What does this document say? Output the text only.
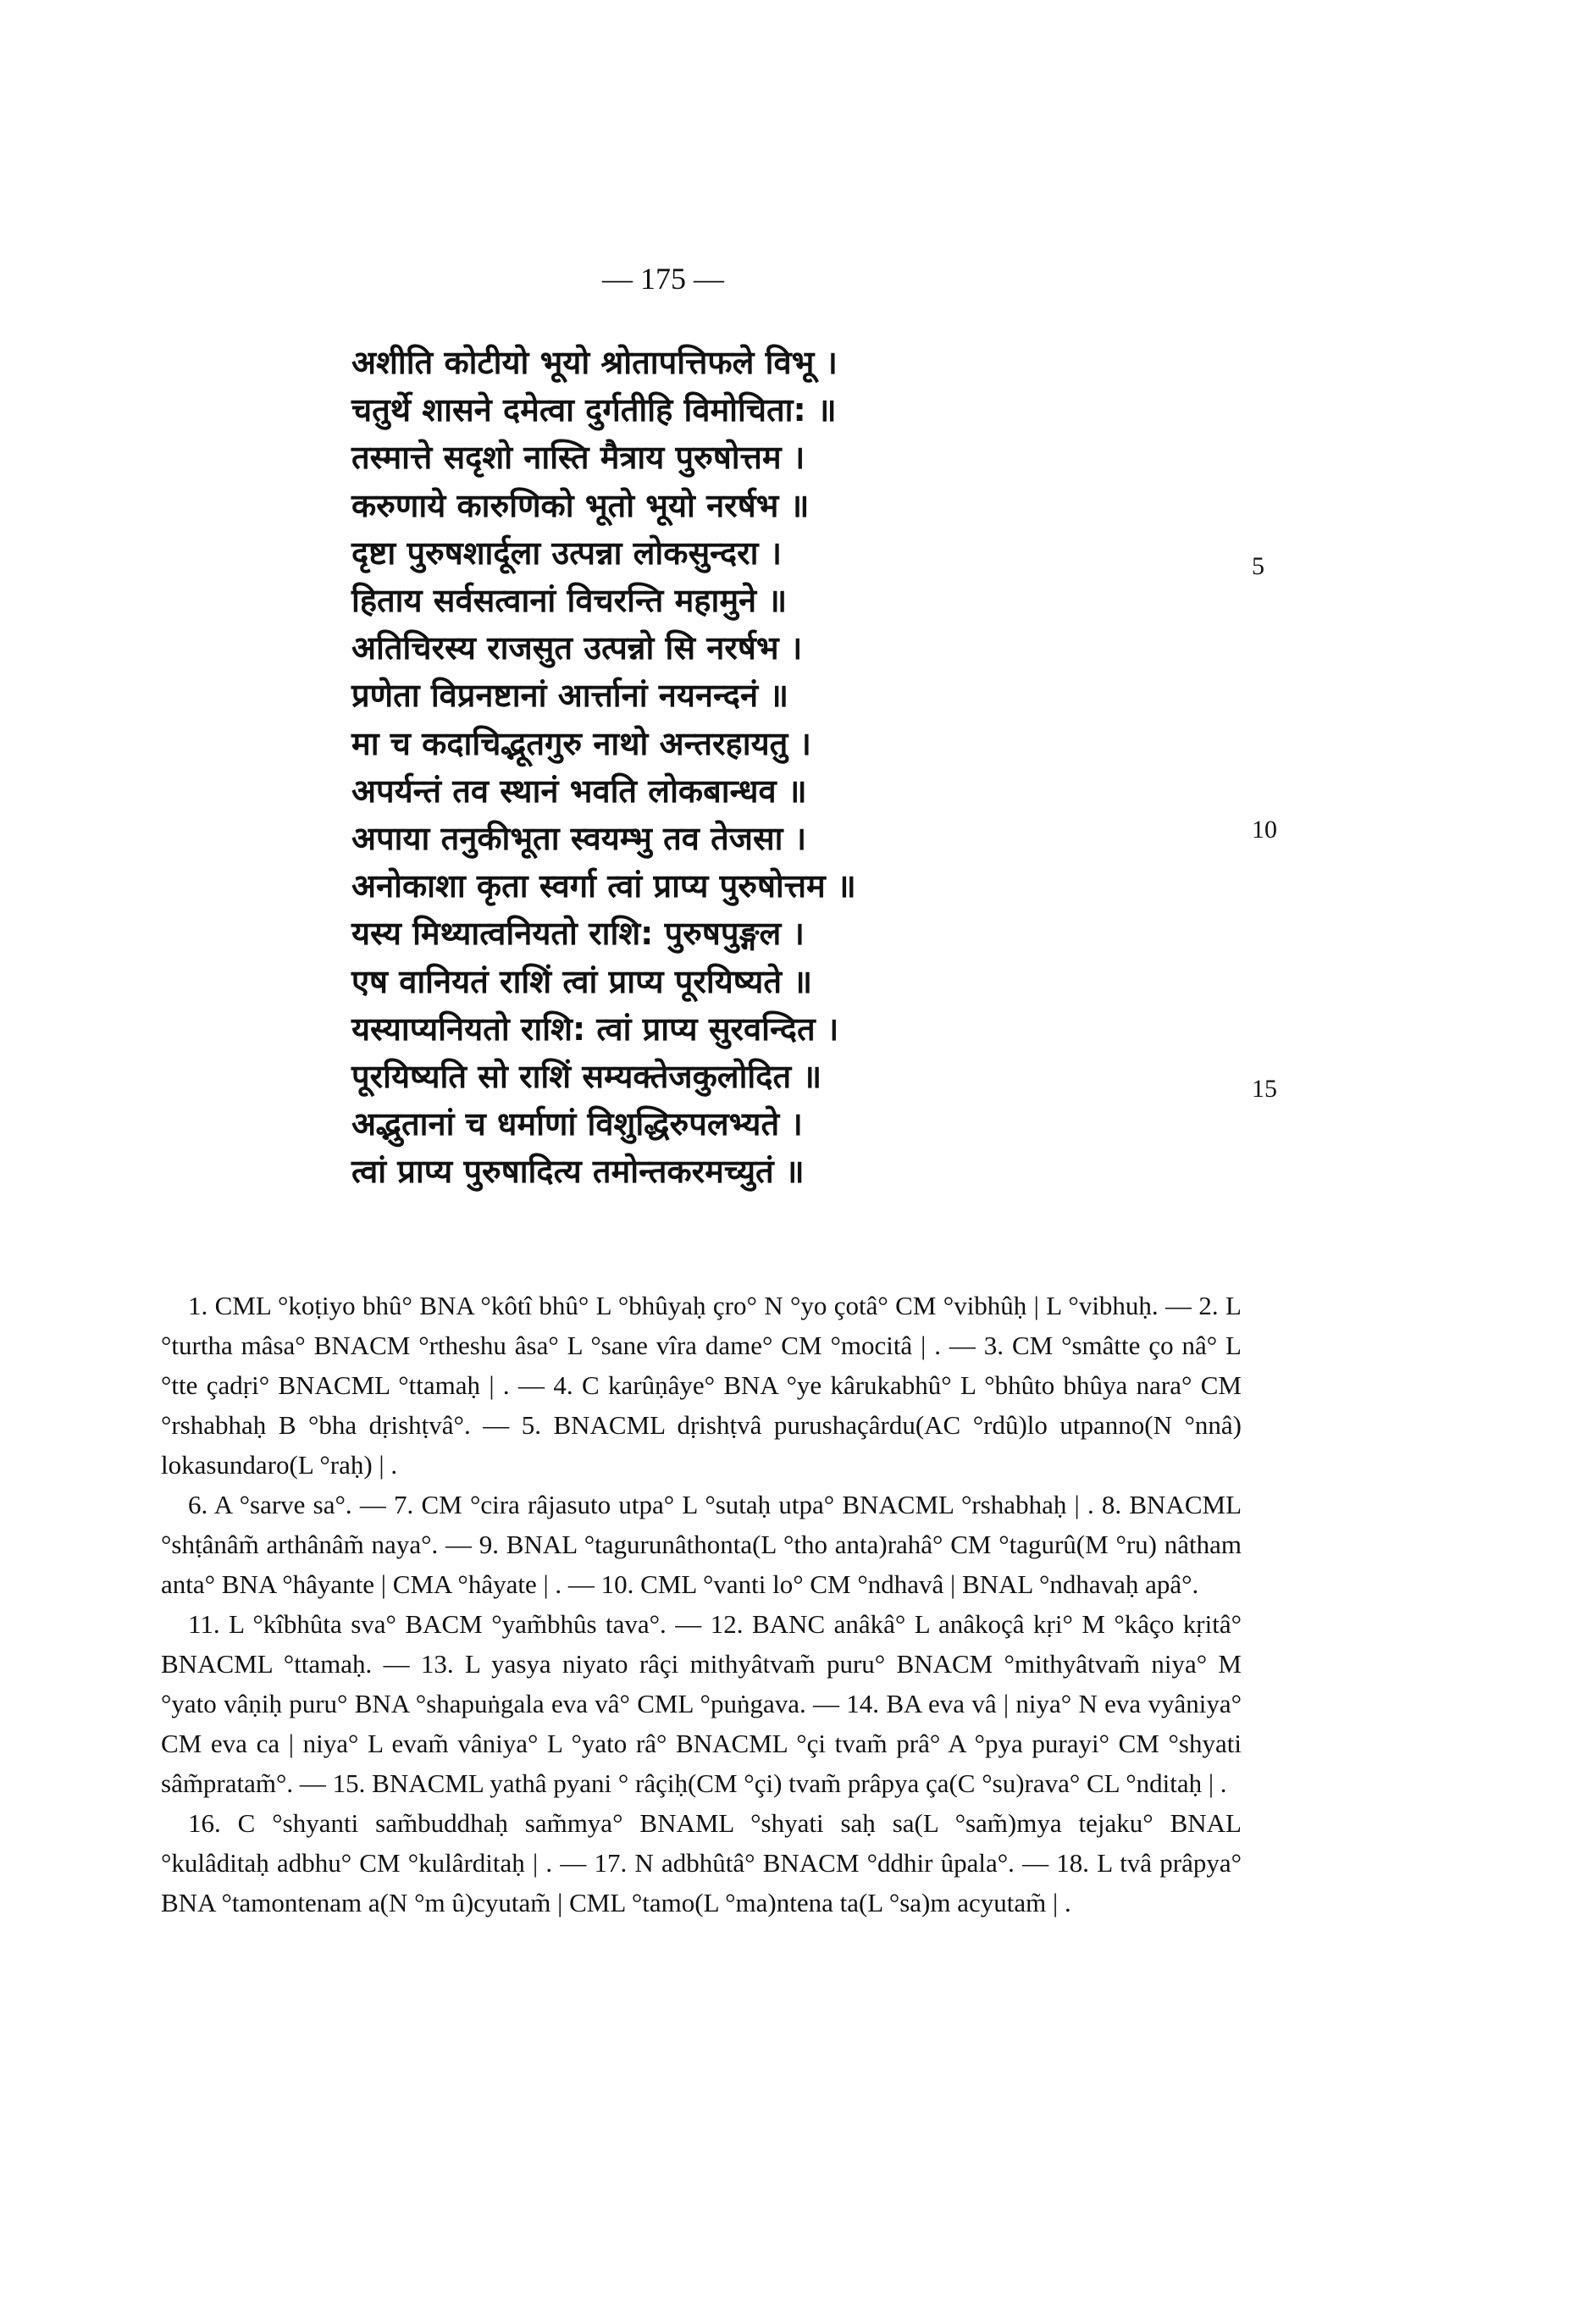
— 175 —
अशीति कोटीयो भूयो श्रोतापत्तिफले विभू ।
चतुर्थे शासने दमेत्वा दुर्गतीहि विमोचिता: ॥
तस्मात्ते सदृशो नास्ति मैत्राय पुरुषोत्तम ।
करुणाये कारुणिको भूतो भूयो नरर्षभ ॥
दृष्टा पुरुषशार्दूला उत्पन्ना लोकसुन्दरा ।
हिताय सर्वसत्वानां विचरन्ति महामुने ॥
अतिचिरस्य राजसुत उत्पन्नो सि नरर्षभ ।
प्रणेता विप्रनष्टानां आर्त्तानां नयनन्दनं ॥
मा च कदाचिद्भूतगुरु नाथो अन्तरहायतु ।
अपर्यन्तं तव स्थानं भवति लोकबान्धव ॥
अपाया तनुकीभूता स्वयम्भु तव तेजसा ।
अनोकाशा कृता स्वर्गा त्वां प्राप्य पुरुषोत्तम ॥
यस्य मिथ्यात्वनियतो राशि: पुरुषपुङ्गल ।
एष वानियतं राशिं त्वां प्राप्य पूरयिष्यते ॥
यस्याप्यनियतो राशि: त्वां प्राप्य सुरवन्दित ।
पूरयिष्यति सो राशिं सम्यक्तेजकुलोदित ॥
अद्भुतानां च धर्माणां विशुद्धिरुपलभ्यते ।
त्वां प्राप्य पुरुषादित्य तमोन्तकरमच्युतं ॥
5
10
15

1. CML °koṭiyo bhû° BNA °kôtî bhû° L °bhûyaḥ çro° N °yo çotâ° CM °vibhûḥ | L °vibhuḥ. — 2. L °turtha mâsa° BNACM °rtheshu âsa° L °sane vîra dame° CM °mocitâ | . — 3. CM °smâtte ço nâ° L °tte çadṛi° BNACML °ttamaḥ | . — 4. C karûṇâye° BNA °ye kârukabhû° L °bhûto bhûya nara° CM °rshabhaḥ B °bha dṛishṭvâ°. — 5. BNACML dṛishṭvâ purushaçârdu(AC °rdû)lo utpanno(N °nnâ) lokasundaro(L °raḥ) | .

6. A °sarve sa°. — 7. CM °cira râjasuto utpa° L °sutaḥ utpa° BNACML °rshabhaḥ | . 8. BNACML °shṭânâm̃ arthânâm̃ naya°. — 9. BNAL °tagurunâthonta(L °tho anta)rahâ° CM °tagurû(M °ru) nâtham anta° BNA °hâyante | CMA °hâyate | . — 10. CML °vanti lo° CM °ndhavâ | BNAL °ndhavaḥ apâ°.

11. L °kîbhûta sva° BACM °yam̃bhûs tava°. — 12. BANC anâkâ° L anâkoçâ kṛi° M °kâço kṛitâ° BNACML °ttamaḥ. — 13. L yasya niyato râçi mithyâtvam̃ puru° BNACM °mithyâtvam̃ niya° M °yato vâṇiḥ puru° BNA °shapuṅgala eva vâ° CML °puṅgava. — 14. BA eva vâ | niya° N eva vyâniya° CM eva ca | niya° L evam̃ vâniya° L °yato râ° BNACML °çi tvam̃ prâ° A °pya purayi° CM °shyati sâm̃pratam̃°. — 15. BNACML yathâ pyani ° râçiḥ(CM °çi) tvam̃ prâpya ça(C °su)rava° CL °nditaḥ | .

16. C °shyanti sam̃buddhaḥ sam̃mya° BNAML °shyati saḥ sa(L °sam̃)mya tejaku° BNAL °kulâditaḥ adbhu° CM °kulârditaḥ | . — 17. N adbhûtâ° BNACM °ddhir ûpala°. — 18. L tvâ prâpya° BNA °tamontenam a(N °m û)cyutam̃ | CML °tamo(L °ma)ntena ta(L °sa)m acyutam̃ | .
